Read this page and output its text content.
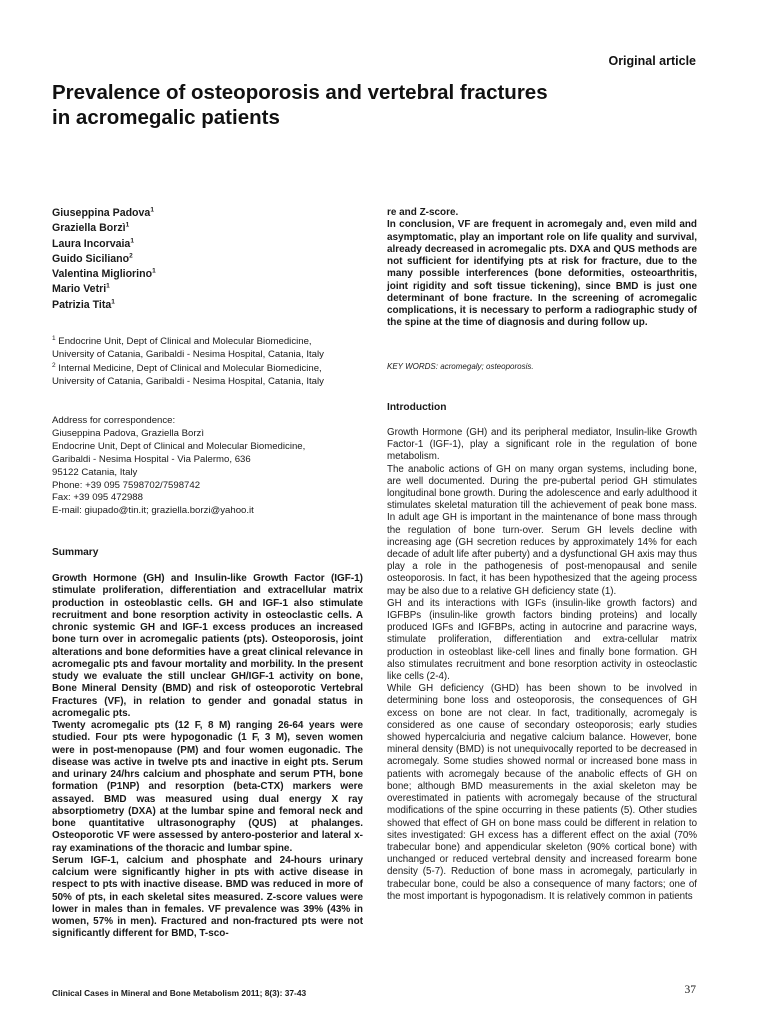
Original article
Prevalence of osteoporosis and vertebral fractures
in acromegalic patients
Giuseppina Padova$^1$
Graziella Borzì$^1$
Laura Incorvaia$^1$
Guido Siciliano$^2$
Valentina Migliorino$^1$
Mario Vetri$^1$
Patrizia Tita$^1$
$^1$ Endocrine Unit, Dept of Clinical and Molecular Biomedicine,
University of Catania, Garibaldi - Nesima Hospital, Catania, Italy
$^2$ Internal Medicine, Dept of Clinical and Molecular Biomedicine,
University of Catania, Garibaldi - Nesima Hospital, Catania, Italy
Address for correspondence:
Giuseppina Padova, Graziella Borzì
Endocrine Unit, Dept of Clinical and Molecular Biomedicine,
Garibaldi - Nesima Hospital - Via Palermo, 636
95122 Catania, Italy
Phone: +39 095 7598702/7598742
Fax: +39 095 472988
E-mail: giupado@tin.it; graziella.borzi@yahoo.it
Summary

Growth Hormone (GH) and Insulin-like Growth Factor (IGF-1) stimulate proliferation, differentiation and extracellular matrix production in osteoblastic cells. GH and IGF-1 also stimulate recruitment and bone resorption activity in osteoclastic cells. A chronic systemic GH and IGF-1 excess produces an increased bone turn over in acromegalic patients (pts). Osteoporosis, joint alterations and bone deformities have a great clinical relevance in acromegalic pts and favour mortality and morbility. In the present study we evaluate the still unclear GH/IGF-1 activity on bone, Bone Mineral Density (BMD) and risk of osteoporotic Vertebral Fractures (VF), in relation to gender and gonadal status in acromegalic pts.

Twenty acromegalic pts (12 F, 8 M) ranging 26-64 years were studied. Four pts were hypogonadic (1 F, 3 M), seven women were in post-menopause (PM) and four women eugonadic. The disease was active in twelve pts and inactive in eight pts. Serum and urinary 24/hrs calcium and phosphate and serum PTH, bone formation (P1NP) and resorption (beta-CTX) markers were assayed. BMD was measured using dual energy X ray absorptiometry (DXA) at the lumbar spine and femoral neck and bone quantitative ultrasonography (QUS) at phalanges. Osteoporotic VF were assessed by antero-posterior and lateral x-ray examinations of the thoracic and lumbar spine.

Serum IGF-1, calcium and phosphate and 24-hours urinary calcium were significantly higher in pts with active disease in respect to pts with inactive disease. BMD was reduced in more of 50% of pts, in each skeletal sites measured. Z-score values were lower in males than in females. VF prevalence was 39% (43% in women, 57% in men). Fractured and non-fractured pts were not significantly different for BMD, T-sco-

re and Z-score.

In conclusion, VF are frequent in acromegaly and, even mild and asymptomatic, play an important role on life quality and survival, already decreased in acromegalic pts. DXA and QUS methods are not sufficient for identifying pts at risk for fracture, due to the many possible interferences (bone deformities, osteoarthritis, joint rigidity and soft tissue tickening), since BMD is just one determinant of bone fracture. In the screening of acromegalic complications, it is necessary to perform a radiographic study of the spine at the time of diagnosis and during follow up.

KEY WORDS: acromegaly; osteoporosis.
Introduction

Growth Hormone (GH) and its peripheral mediator, Insulin-like Growth Factor-1 (IGF-1), play a significant role in the regulation of bone metabolism.

The anabolic actions of GH on many organ systems, including bone, are well documented. During the pre-pubertal period GH stimulates longitudinal bone growth. During the adolescence and early adulthood it stimulates skeletal maturation till the achievement of peak bone mass. In adult age GH is important in the maintenance of bone mass through the regulation of bone turn-over. Serum GH levels decline with increasing age (GH secretion reduces by approximately 14% for each decade of adult life after puberty) and a dysfunctional GH axis may thus play a role in the pathogenesis of post-menopausal and senile osteoporosis. In fact, it has been hypothesized that the ageing process may be also due to a relative GH deficiency state (1).

GH and its interactions with IGFs (insulin-like growth factors) and IGFBPs (insulin-like growth factors binding proteins) and locally produced IGFs and IGFBPs, acting in autocrine and paracrine ways, stimulate proliferation, differentiation and extra-cellular matrix production in osteoblast like-cell lines and finally bone formation. GH also stimulates recruitment and bone resorption activity in osteoclastic like cells (2-4).

While GH deficiency (GHD) has been shown to be involved in determining bone loss and osteoporosis, the consequences of GH excess on bone are not clear. In fact, traditionally, acromegaly is considered as one cause of secondary osteoporosis; early studies showed hypercalciuria and negative calcium balance. However, bone mineral density (BMD) is not unequivocally reported to be decreased in acromegaly. Some studies showed normal or increased bone mass in patients with acromegaly because of the anabolic effects of GH on bone; although BMD measurements in the axial skeleton may be overestimated in patients with acromegaly because of the structural modifications of the spine occurring in these patients (5). Other studies showed that effect of GH on bone mass could be different in relation to sites investigated: GH excess has a different effect on the axial (70% trabecular bone) and appendicular skeleton (90% cortical bone) with unchanged or reduced vertebral density and increased forearm bone density (5-7). Reduction of bone mass in acromegaly, particularly in trabecular bone, could be also a consequence of many factors; one of the most important is hypogonadism. It is relatively common in patients

Clinical Cases in Mineral and Bone Metabolism 2011; 8(3): 37-43	37
